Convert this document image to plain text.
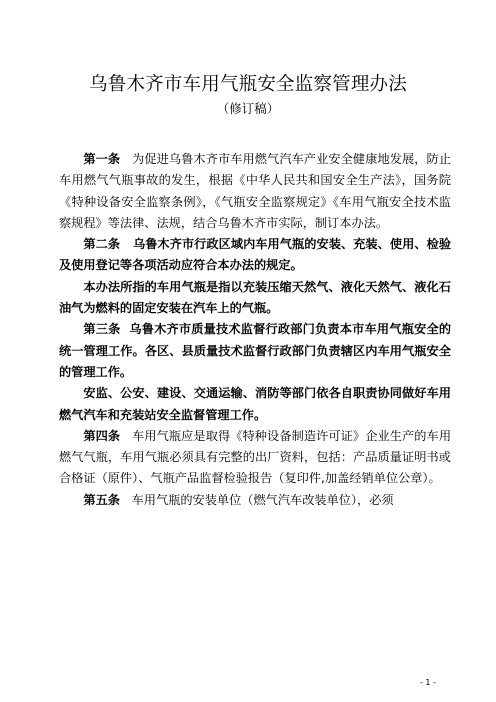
乌鲁木齐市车用气瓶安全监察管理办法
（修订稿）

第一条 为促进乌鲁木齐市车用燃气汽车产业安全健康地发展，防止车用燃气气瓶事故的发生，根据《中华人民共和国安全生产法》，国务院《特种设备安全监察条例》，《气瓶安全监察规定》《车用气瓶安全技术监察规程》等法律、法规，结合乌鲁木齐市实际，制订本办法。

第二条 乌鲁木齐市行政区域内车用气瓶的安装、充装、使用、检验及使用登记等各项活动应符合本办法的规定。

本办法所指的车用气瓶是指以充装压缩天然气、液化天然气、液化石油气为燃料的固定安装在汽车上的气瓶。

第三条 乌鲁木齐市质量技术监督行政部门负责本市车用气瓶安全的统一管理工作。各区、县质量技术监督行政部门负责辖区内车用气瓶安全的管理工作。

安监、公安、建设、交通运输、消防等部门依各自职责协同做好车用燃气汽车和充装站安全监督管理工作。

第四条 车用气瓶应是取得《特种设备制造许可证》企业生产的车用燃气气瓶，车用气瓶必须具有完整的出厂资料，包括：产品质量证明书或合格证（原件）、气瓶产品监督检验报告（复印件,加盖经销单位公章）。

第五条 车用气瓶的安装单位（燃气汽车改装单位），必须

- 1 -
